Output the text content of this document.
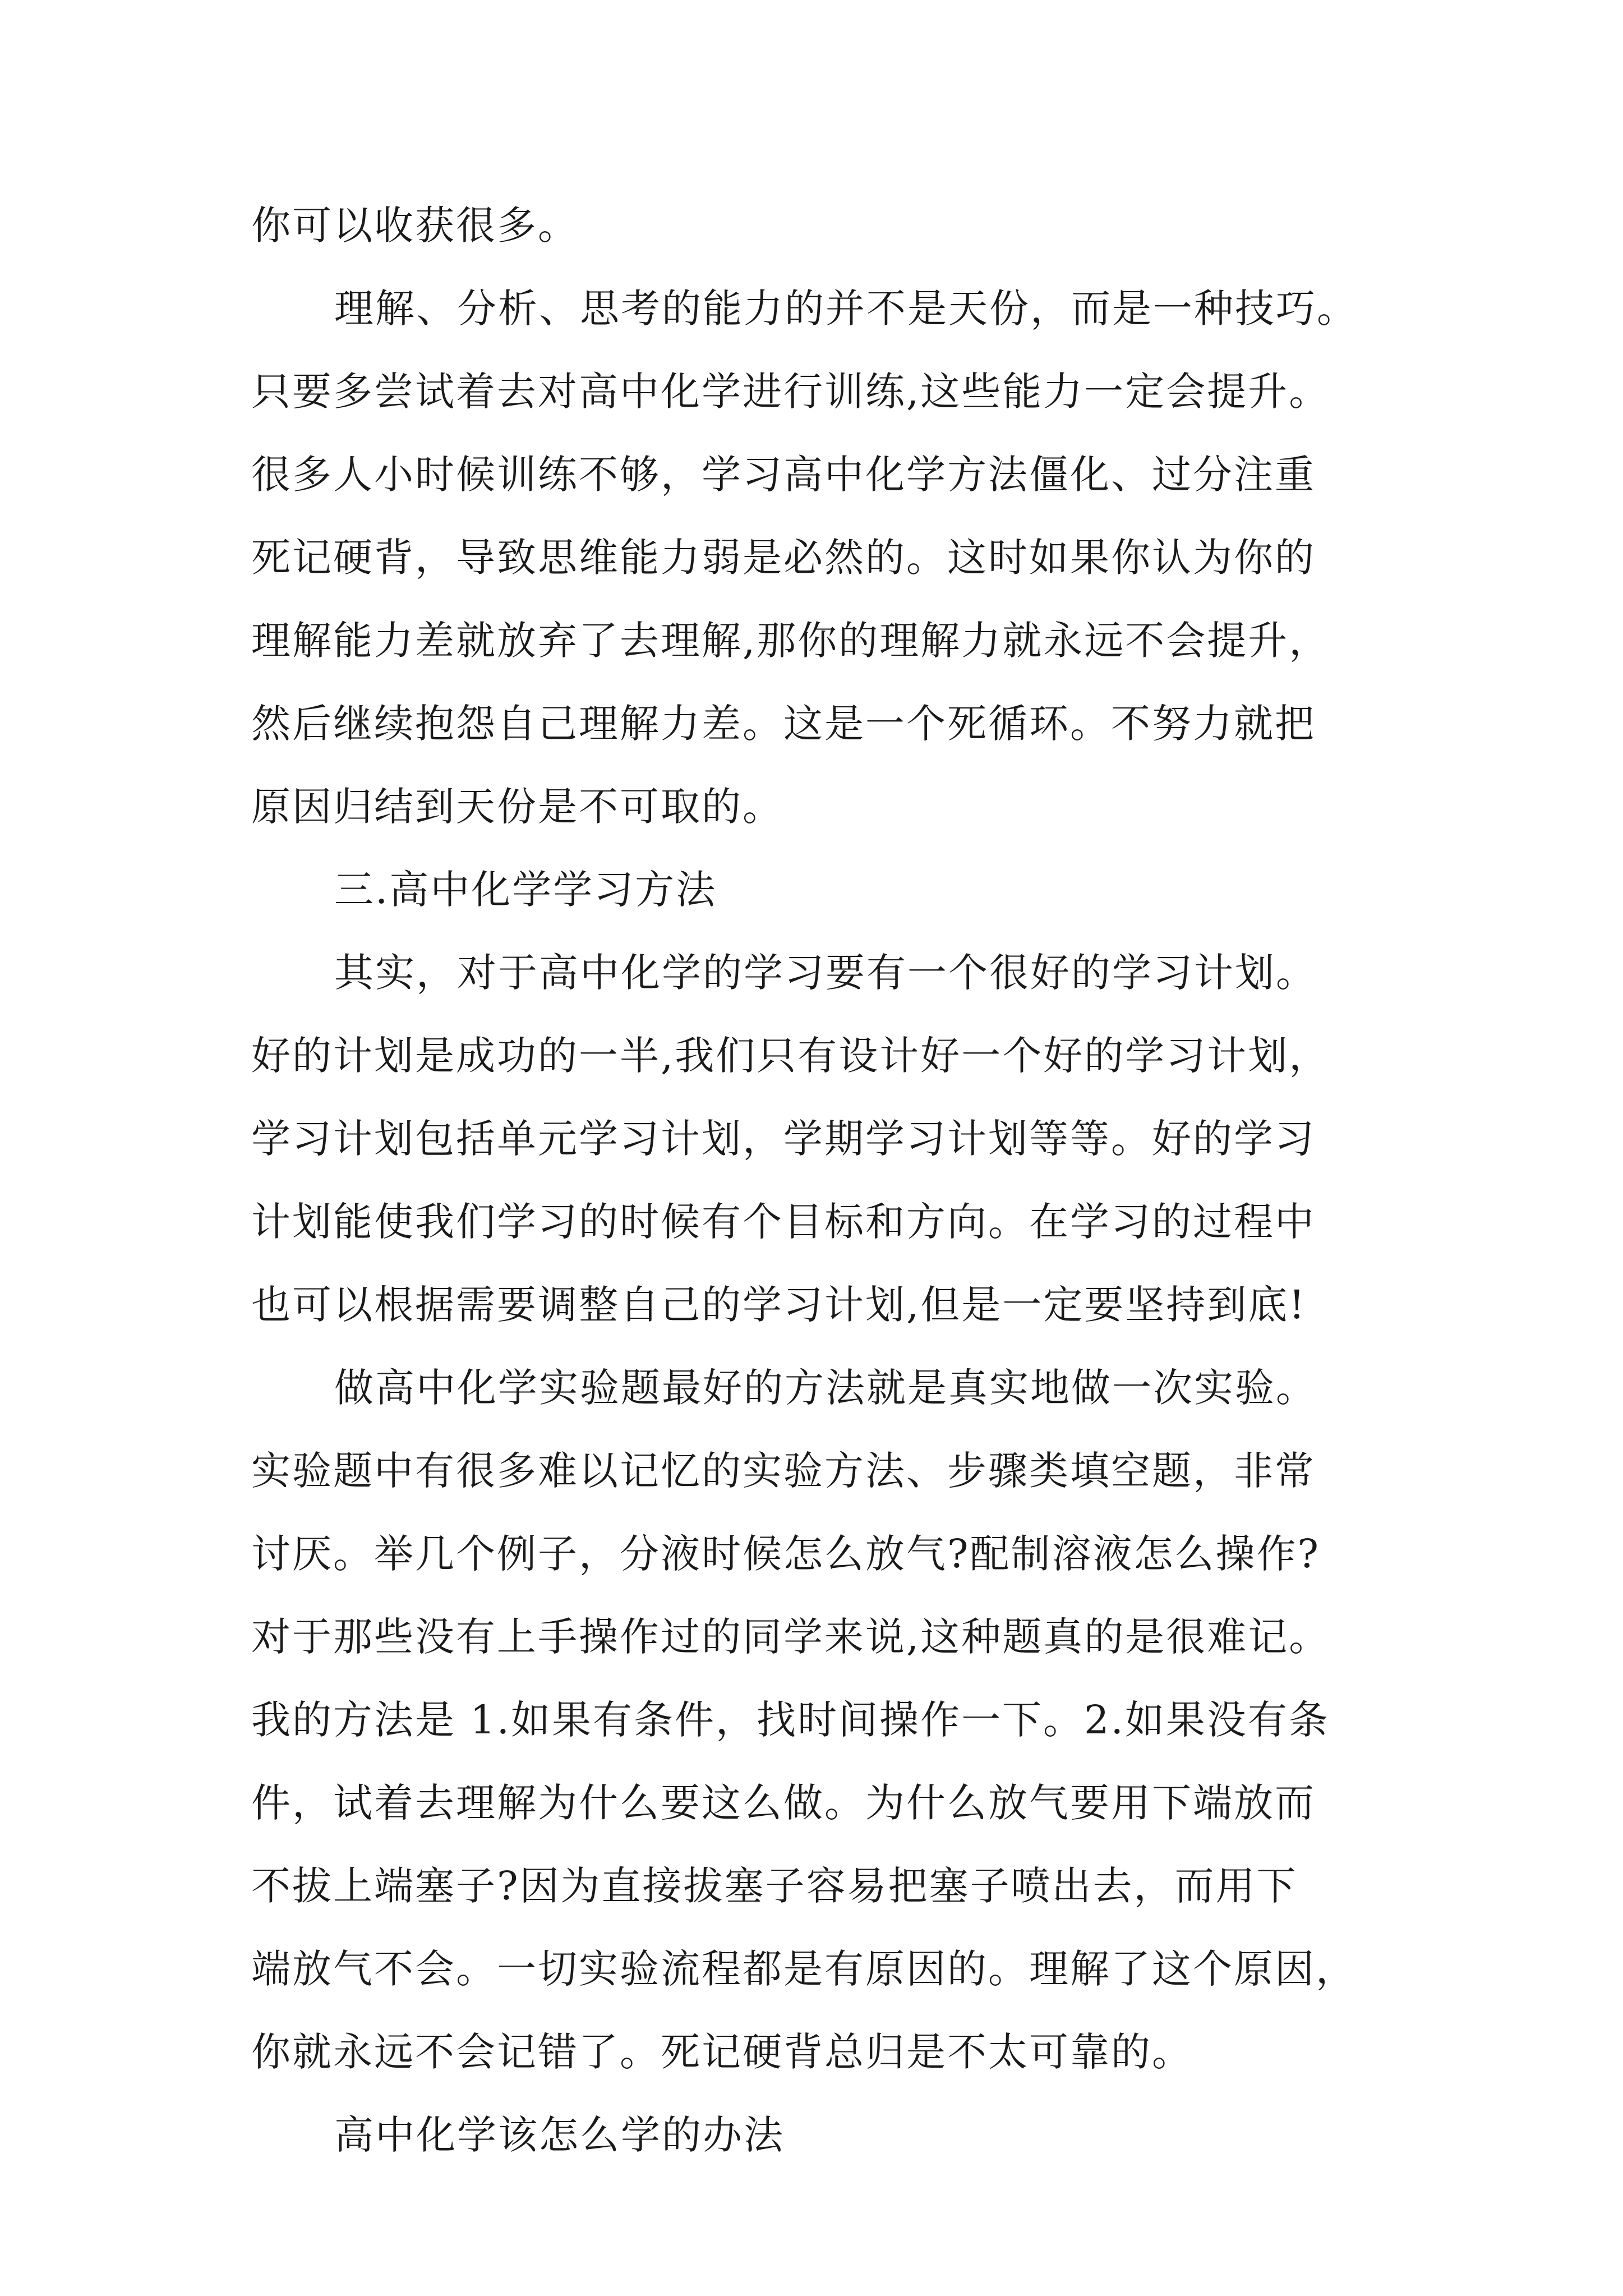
你可以收获很多。

理解、分析、思考的能力的并不是天份，而是一种技巧。

只要多尝试着去对高中化学进行训练,这些能力一定会提升。

很多人小时候训练不够，学习高中化学方法僵化、过分注重

死记硬背，导致思维能力弱是必然的。这时如果你认为你的

理解能力差就放弃了去理解,那你的理解力就永远不会提升，

然后继续抱怨自己理解力差。这是一个死循环。不努力就把

原因归结到天份是不可取的。

三.高中化学学习方法

其实，对于高中化学的学习要有一个很好的学习计划。

好的计划是成功的一半,我们只有设计好一个好的学习计划，

学习计划包括单元学习计划，学期学习计划等等。好的学习

计划能使我们学习的时候有个目标和方向。在学习的过程中

也可以根据需要调整自己的学习计划,但是一定要坚持到底!

做高中化学实验题最好的方法就是真实地做一次实验。

实验题中有很多难以记忆的实验方法、步骤类填空题，非常

讨厌。举几个例子，分液时候怎么放气?配制溶液怎么操作?

对于那些没有上手操作过的同学来说,这种题真的是很难记。

我的方法是 1.如果有条件，找时间操作一下。2.如果没有条

件，试着去理解为什么要这么做。为什么放气要用下端放而

不拔上端塞子?因为直接拔塞子容易把塞子喷出去，而用下

端放气不会。一切实验流程都是有原因的。理解了这个原因，

你就永远不会记错了。死记硬背总归是不太可靠的。

高中化学该怎么学的办法
